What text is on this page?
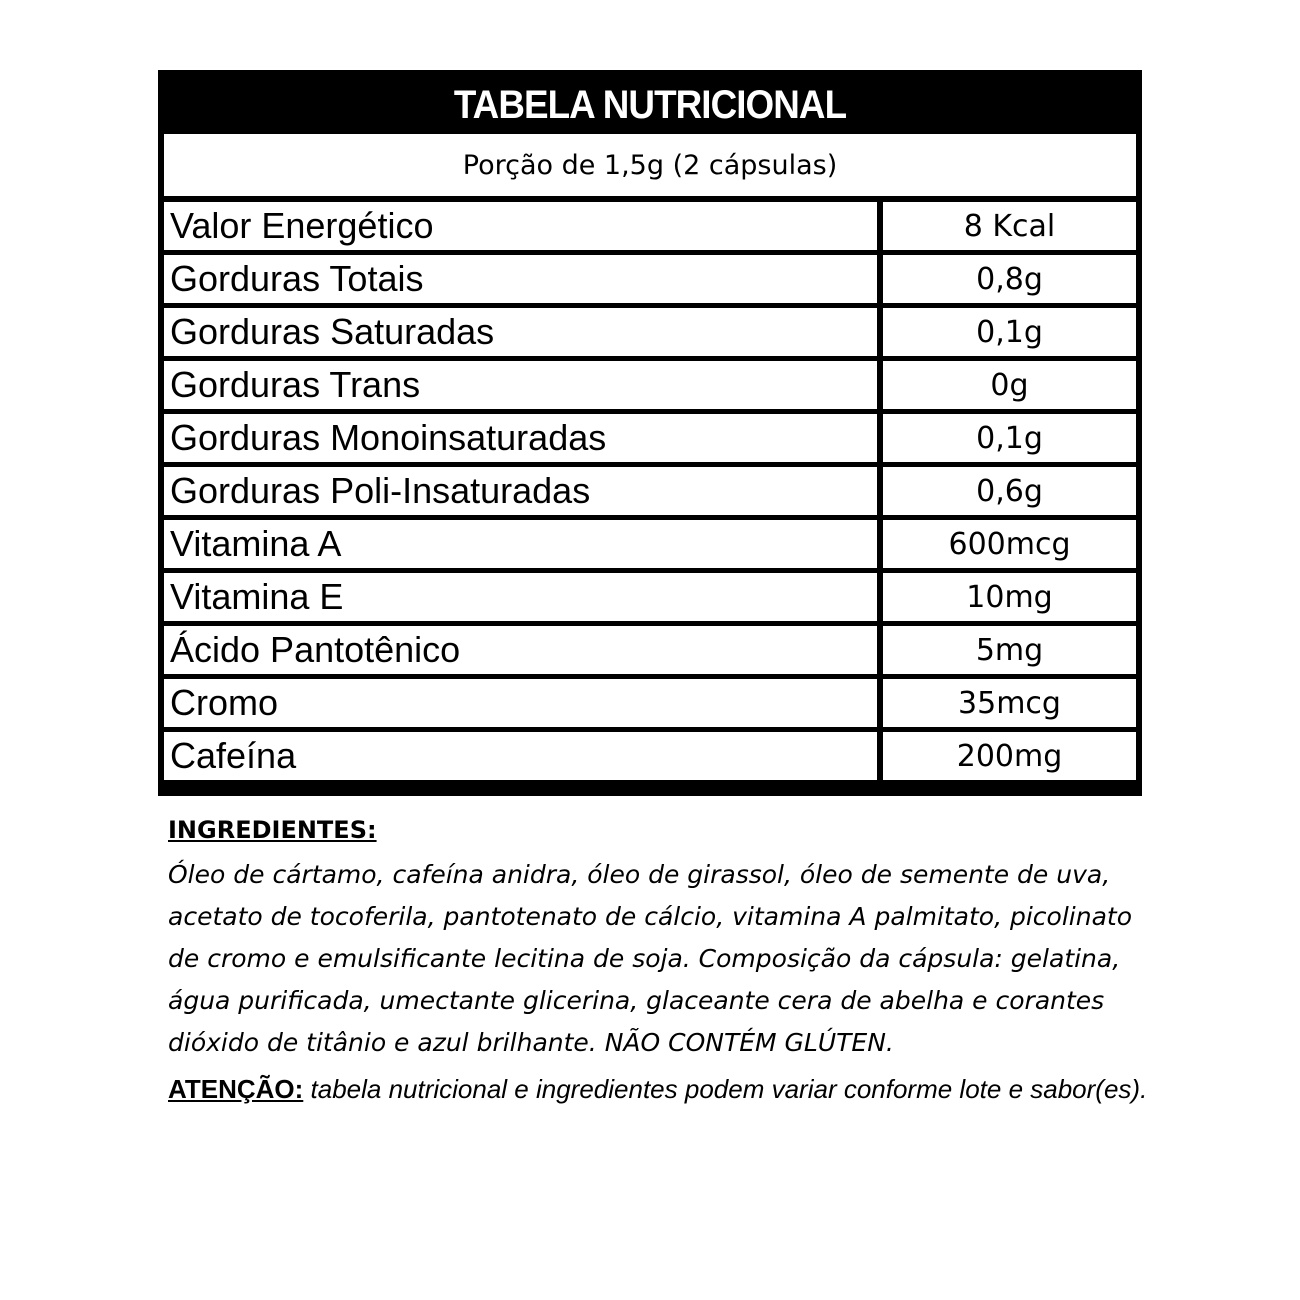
TABELA NUTRICIONAL
Porção de 1,5g (2 cápsulas)
Valor Energético	8 Kcal
Gorduras Totais	0,8g
Gorduras Saturadas	0,1g
Gorduras Trans	0g
Gorduras Monoinsaturadas	0,1g
Gorduras Poli-Insaturadas	0,6g
Vitamina A	600mcg
Vitamina E	10mg
Ácido Pantotênico	5mg
Cromo	35mcg
Cafeína	200mg
INGREDIENTES:

Óleo de cártamo, cafeína anidra, óleo de girassol, óleo de semente de uva, acetato de tocoferila, pantotenato de cálcio, vitamina A palmitato, picolinato de cromo e emulsificante lecitina de soja. Composição da cápsula: gelatina, água purificada, umectante glicerina, glaceante cera de abelha e corantes dióxido de titânio e azul brilhante. NÃO CONTÉM GLÚTEN.

ATENÇÃO: tabela nutricional e ingredientes podem variar conforme lote e sabor(es).
